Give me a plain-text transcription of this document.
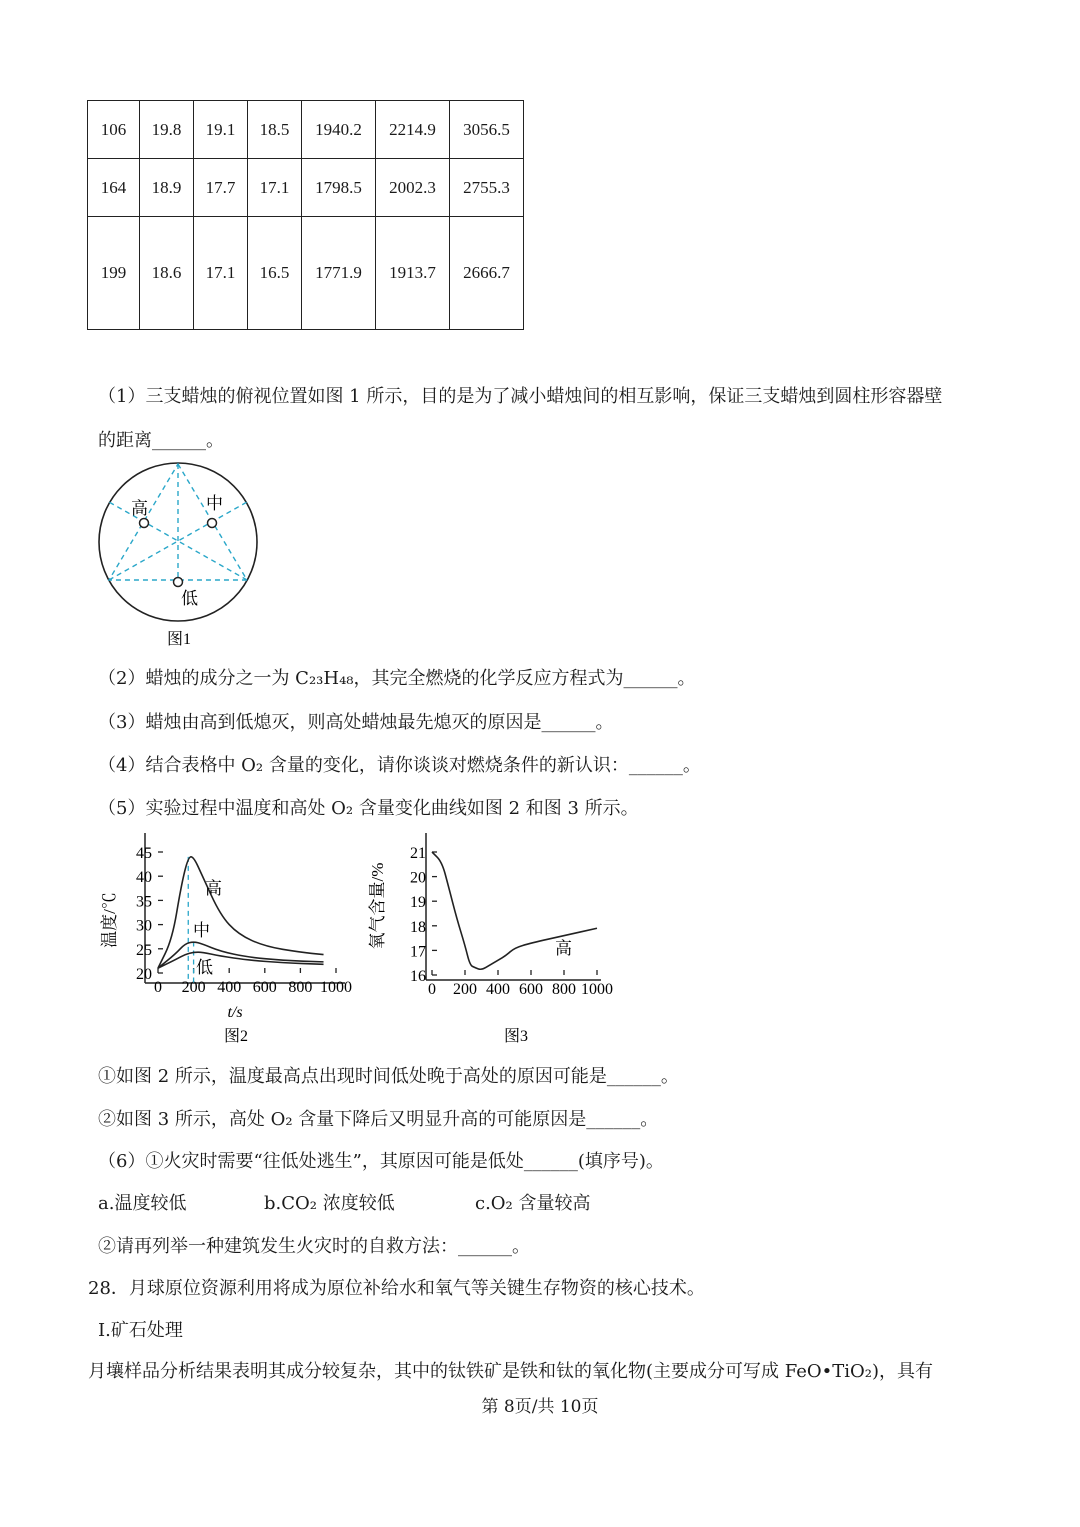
106	19.8	19.1	18.5	1940.2	2214.9	3056.5
164	18.9	17.7	17.1	1798.5	2002.3	2755.3
199	18.6	17.1	16.5	1771.9	1913.7	2666.7
（1）三支蜡烛的俯视位置如图 1 所示，目的是为了减小蜡烛间的相互影响，保证三支蜡烛到圆柱形容器壁
的距离______。
高	中
低
图1
（2）蜡烛的成分之一为 C₂₃H₄₈，其完全燃烧的化学反应方程式为______。
（3）蜡烛由高到低熄灭，则高处蜡烛最先熄灭的原因是______。
（4）结合表格中 O₂ 含量的变化，请你谈谈对燃烧条件的新认识：______。
（5）实验过程中温度和高处 O₂ 含量变化曲线如图 2 和图 3 所示。
20
25
30
35
40
45
0 200 400 600 800 1000
高
中
低
温度/℃
t/s
图2
16
17
18
19
20
21
0 200 400 600 800 1000
高
氧气含量/%
图3
①如图 2 所示，温度最高点出现时间低处晚于高处的原因可能是______。
②如图 3 所示，高处 O₂ 含量下降后又明显升高的可能原因是______。
（6）①火灾时需要“往低处逃生”，其原因可能是低处______(填序号)。
a.温度较低	b.CO₂ 浓度较低	c.O₂ 含量较高
②请再列举一种建筑发生火灾时的自救方法：______。
28．月球原位资源利用将成为原位补给水和氧气等关键生存物资的核心技术。
I.矿石处理
月壤样品分析结果表明其成分较复杂，其中的钛铁矿是铁和钛的氧化物(主要成分可写成 FeO•TiO₂)，具有
第 8页/共 10页
